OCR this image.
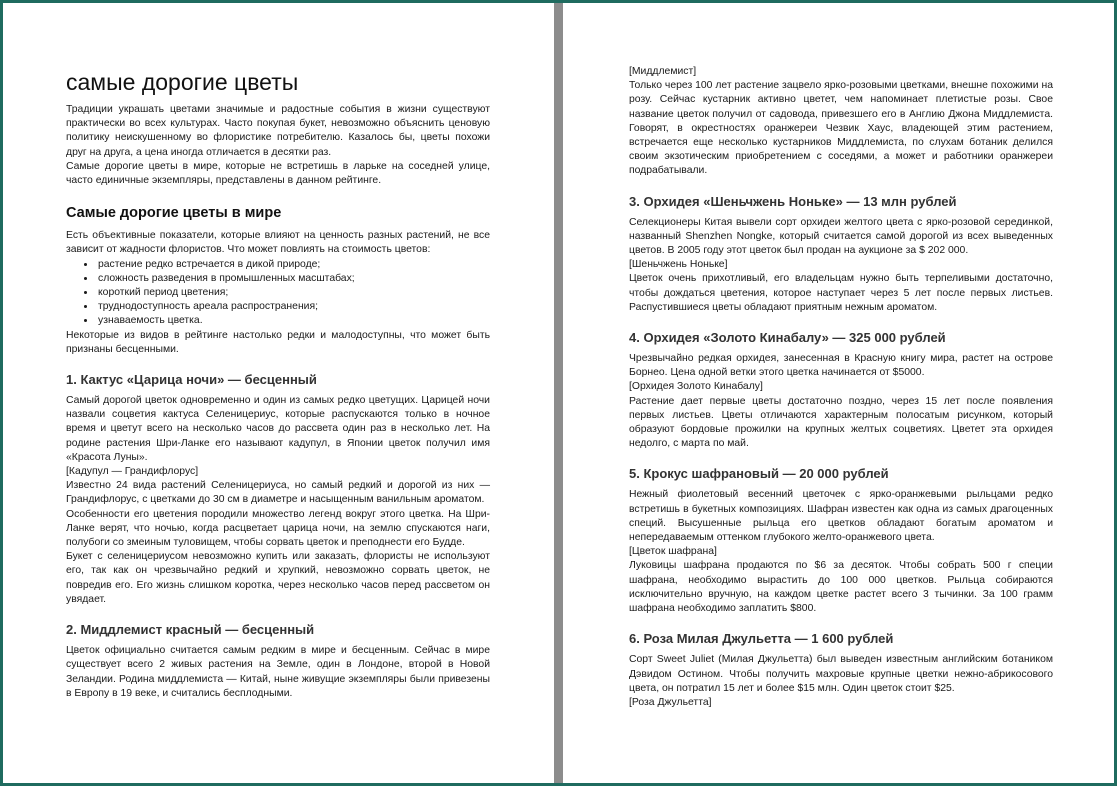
самые дорогие цветы

Традиции украшать цветами значимые и радостные события в жизни существуют практически во всех культурах. Часто покупая букет, невозможно объяснить ценовую политику неискушенному во флористике потребителю. Казалось бы, цветы похожи друг на друга, а цена иногда отличается в десятки раз.

Самые дорогие цветы в мире, которые не встретишь в ларьке на соседней улице, часто единичные экземпляры, представлены в данном рейтинге.

Самые дорогие цветы в мире

Есть объективные показатели, которые влияют на ценность разных растений, не все зависит от жадности флористов. Что может повлиять на стоимость цветов:

• растение редко встречается в дикой природе;
• сложность разведения в промышленных масштабах;
• короткий период цветения;
• труднодоступность ареала распространения;
• узнаваемость цветка.

Некоторые из видов в рейтинге настолько редки и малодоступны, что может быть признаны бесценными.

1. Кактус «Царица ночи» — бесценный

Самый дорогой цветок одновременно и один из самых редко цветущих. Царицей ночи назвали соцветия кактуса Селеницериус, которые распускаются только в ночное время и цветут всего на несколько часов до рассвета один раз в несколько лет. На родине растения Шри-Ланке его называют кадупул, в Японии цветок получил имя «Красота Луны».

[Кадупул — Грандифлорус]

Известно 24 вида растений Селеницериуса, но самый редкий и дорогой из них — Грандифлорус, с цветками до 30 см в диаметре и насыщенным ванильным ароматом.

Особенности его цветения породили множество легенд вокруг этого цветка. На Шри-Ланке верят, что ночью, когда расцветает царица ночи, на землю спускаются наги, полубоги со змеиным туловищем, чтобы сорвать цветок и преподнести его Будде.

Букет с селеницериусом невозможно купить или заказать, флористы не используют его, так как он чрезвычайно редкий и хрупкий, невозможно сорвать цветок, не повредив его. Его жизнь слишком коротка, через несколько часов перед рассветом он увядает.

2. Миддлемист красный — бесценный

Цветок официально считается самым редким в мире и бесценным. Сейчас в мире существует всего 2 живых растения на Земле, один в Лондоне, второй в Новой Зеландии. Родина миддлемиста — Китай, ныне живущие экземпляры были привезены в Европу в 19 веке, и считались бесплодными.

[Миддлемист]

Только через 100 лет растение зацвело ярко-розовыми цветками, внешне похожими на розу. Сейчас кустарник активно цветет, чем напоминает плетистые розы. Свое название цветок получил от садовода, привезшего его в Англию Джона Миддлемиста. Говорят, в окрестностях оранжереи Чезвик Хаус, владеющей этим растением, встречается еще несколько кустарников Миддлемиста, по слухам ботаник делился своим экзотическим приобретением с соседями, а может и работники оранжереи подрабатывали.

3. Орхидея «Шеньчжень Нонькe» — 13 млн рублей

Селекционеры Китая вывели сорт орхидеи желтого цвета с ярко-розовой серединкой, названный Shenzhen Nongke, который считается самой дорогой из всех выведенных цветов. В 2005 году этот цветок был продан на аукционе за $ 202 000.

[Шеньчжень Нонькe]

Цветок очень прихотливый, его владельцам нужно быть терпеливыми достаточно, чтобы дождаться цветения, которое наступает через 5 лет после первых листьев. Распустившиеся цветы обладают приятным нежным ароматом.

4. Орхидея «Золото Кинабалу» — 325 000 рублей

Чрезвычайно редкая орхидея, занесенная в Красную книгу мира, растет на острове Борнео. Цена одной ветки этого цветка начинается от $5000.

[Орхидея Золото Кинабалу]

Растение дает первые цветы достаточно поздно, через 15 лет после появления первых листьев. Цветы отличаются характерным полосатым рисунком, который образуют бордовые прожилки на крупных желтых соцветиях. Цветет эта орхидея недолго, с марта по май.

5. Крокус шафрановый — 20 000 рублей

Нежный фиолетовый весенний цветочек с ярко-оранжевыми рыльцами редко встретишь в букетных композициях. Шафран известен как одна из самых драгоценных специй. Высушенные рыльца его цветков обладают богатым ароматом и непередаваемым оттенком глубокого желто-оранжевого цвета.

[Цветок шафрана]

Луковицы шафрана продаются по $6 за десяток. Чтобы собрать 500 г специи шафрана, необходимо вырастить до 100 000 цветков. Рыльца собираются исключительно вручную, на каждом цветке растет всего 3 тычинки. За 100 грамм шафрана необходимо заплатить $800.

6. Роза Милая Джульетта — 1 600 рублей

Сорт Sweet Juliet (Милая Джульетта) был выведен известным английским ботаником Дэвидом Остином. Чтобы получить махровые крупные цветки нежно-абрикосового цвета, он потратил 15 лет и более $15 млн. Один цветок стоит $25.

[Роза Джульетта]
